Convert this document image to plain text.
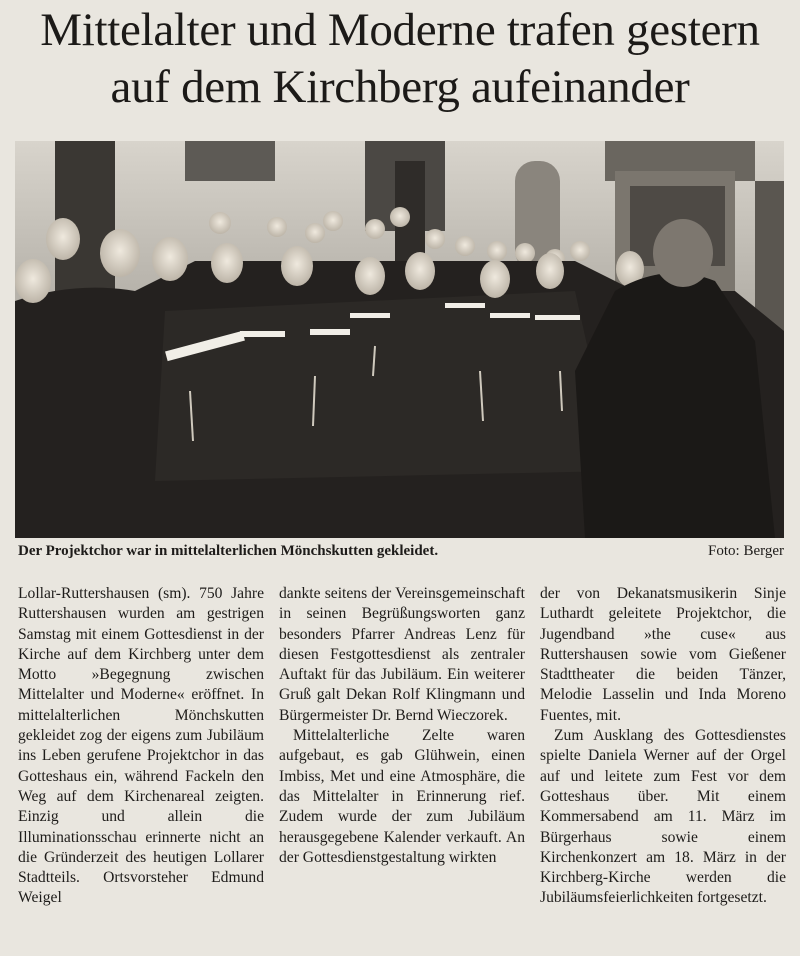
Mittelalter und Moderne trafen gestern
auf dem Kirchberg aufeinander
Der Projektchor war in mittelalterlichen Mönchskutten gekleidet.	Foto: Berger

Lollar-Ruttershausen (sm). 750 Jahre Ruttershausen wurden am gestrigen Samstag mit einem Gottesdienst in der Kirche auf dem Kirchberg unter dem Motto »Begegnung zwischen Mittelalter und Moderne« eröffnet. In mittelalterlichen Mönchskutten gekleidet zog der eigens zum Jubiläum ins Leben gerufene Projektchor in das Gotteshaus ein, während Fackeln den Weg auf dem Kirchenareal zeigten. Einzig und allein die Illuminationsschau erinnerte nicht an die Gründerzeit des heutigen Lollarer Stadtteils. Ortsvorsteher Edmund Weigel

dankte seitens der Vereinsgemeinschaft in seinen Begrüßungsworten ganz besonders Pfarrer Andreas Lenz für diesen Festgottesdienst als zentraler Auftakt für das Jubiläum. Ein weiterer Gruß galt Dekan Rolf Klingmann und Bürgermeister Dr. Bernd Wieczorek.

Mittelalterliche Zelte waren aufgebaut, es gab Glühwein, einen Imbiss, Met und eine Atmosphäre, die das Mittelalter in Erinnerung rief. Zudem wurde der zum Jubiläum herausgegebene Kalender verkauft. An der Gottesdienstgestaltung wirkten

der von Dekanatsmusikerin Sinje Luthardt geleitete Projektchor, die Jugendband »the cuse« aus Ruttershausen sowie vom Gießener Stadttheater die beiden Tänzer, Melodie Lasselin und Inda Moreno Fuentes, mit.

Zum Ausklang des Gottesdienstes spielte Daniela Werner auf der Orgel auf und leitete zum Fest vor dem Gotteshaus über. Mit einem Kommersabend am 11. März im Bürgerhaus sowie einem Kirchenkonzert am 18. März in der Kirchberg-Kirche werden die Jubiläumsfeierlichkeiten fortgesetzt.
